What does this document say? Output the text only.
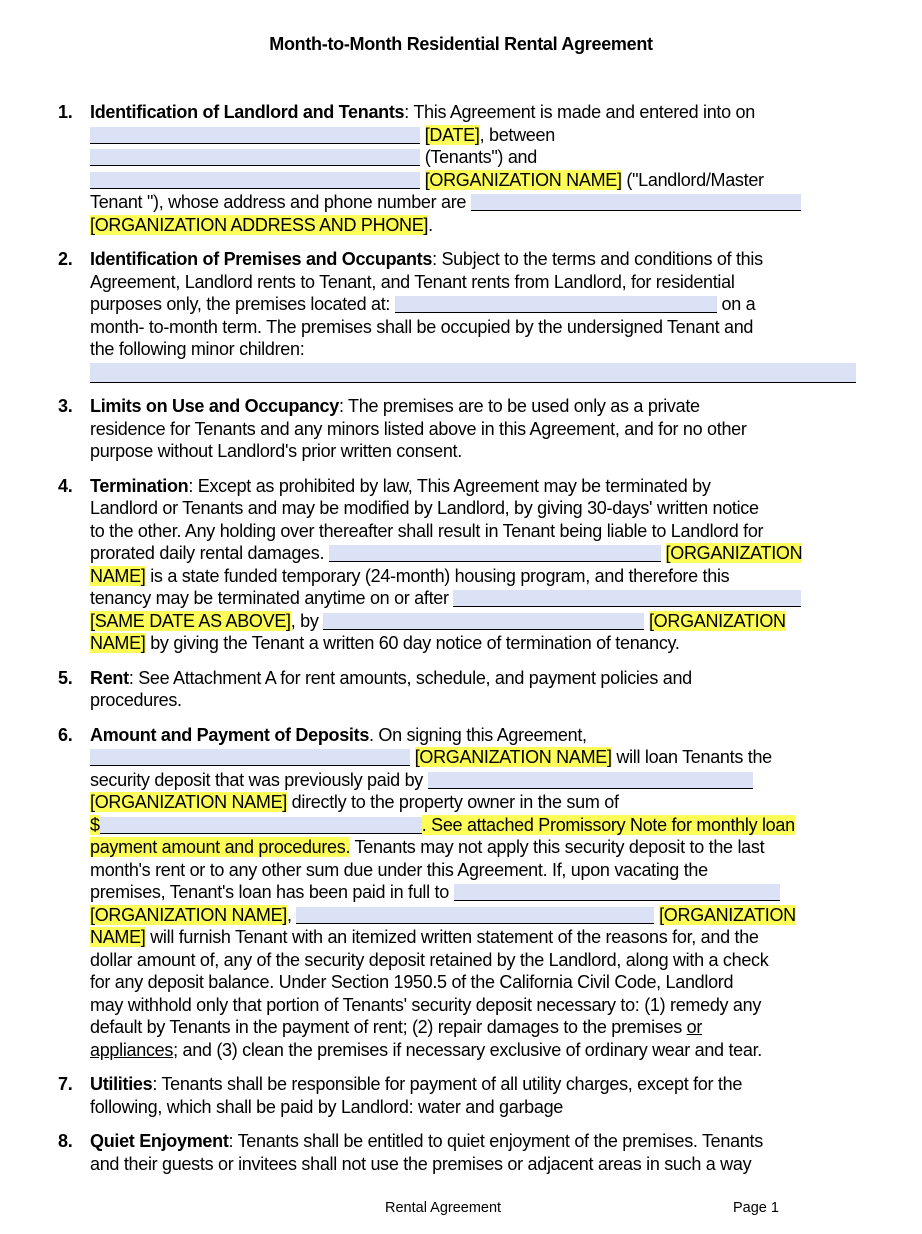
Month-to-Month Residential Rental Agreement
1. Identification of Landlord and Tenants: This Agreement is made and entered into on
[DATE], between
(Tenants") and
[ORGANIZATION NAME] ("Landlord/Master
Tenant "), whose address and phone number are
[ORGANIZATION ADDRESS AND PHONE].
2. Identification of Premises and Occupants: Subject to the terms and conditions of this
Agreement, Landlord rents to Tenant, and Tenant rents from Landlord, for residential
purposes only, the premises located at:	on a
month- to-month term. The premises shall be occupied by the undersigned Tenant and
the following minor children:
3. Limits on Use and Occupancy: The premises are to be used only as a private
residence for Tenants and any minors listed above in this Agreement, and for no other
purpose without Landlord's prior written consent.
4. Termination: Except as prohibited by law, This Agreement may be terminated by
Landlord or Tenants and may be modified by Landlord, by giving 30-days' written notice
to the other. Any holding over thereafter shall result in Tenant being liable to Landlord for
prorated daily rental damages.	[ORGANIZATION
NAME] is a state funded temporary (24-month) housing program, and therefore this
tenancy may be terminated anytime on or after
[SAME DATE AS ABOVE], by	[ORGANIZATION
NAME] by giving the Tenant a written 60 day notice of termination of tenancy.
5. Rent: See Attachment A for rent amounts, schedule, and payment policies and
procedures.
6. Amount and Payment of Deposits. On signing this Agreement,
[ORGANIZATION NAME] will loan Tenants the
security deposit that was previously paid by
[ORGANIZATION NAME] directly to the property owner in the sum of
$	. See attached Promissory Note for monthly loan
payment amount and procedures. Tenants may not apply this security deposit to the last
month's rent or to any other sum due under this Agreement. If, upon vacating the
premises, Tenant's loan has been paid in full to
[ORGANIZATION NAME],	[ORGANIZATION
NAME] will furnish Tenant with an itemized written statement of the reasons for, and the
dollar amount of, any of the security deposit retained by the Landlord, along with a check
for any deposit balance. Under Section 1950.5 of the California Civil Code, Landlord
may withhold only that portion of Tenants' security deposit necessary to: (1) remedy any
default by Tenants in the payment of rent; (2) repair damages to the premises or
appliances; and (3) clean the premises if necessary exclusive of ordinary wear and tear.
7. Utilities: Tenants shall be responsible for payment of all utility charges, except for the
following, which shall be paid by Landlord: water and garbage
8. Quiet Enjoyment: Tenants shall be entitled to quiet enjoyment of the premises. Tenants
and their guests or invitees shall not use the premises or adjacent areas in such a way
Rental Agreement	Page 1
